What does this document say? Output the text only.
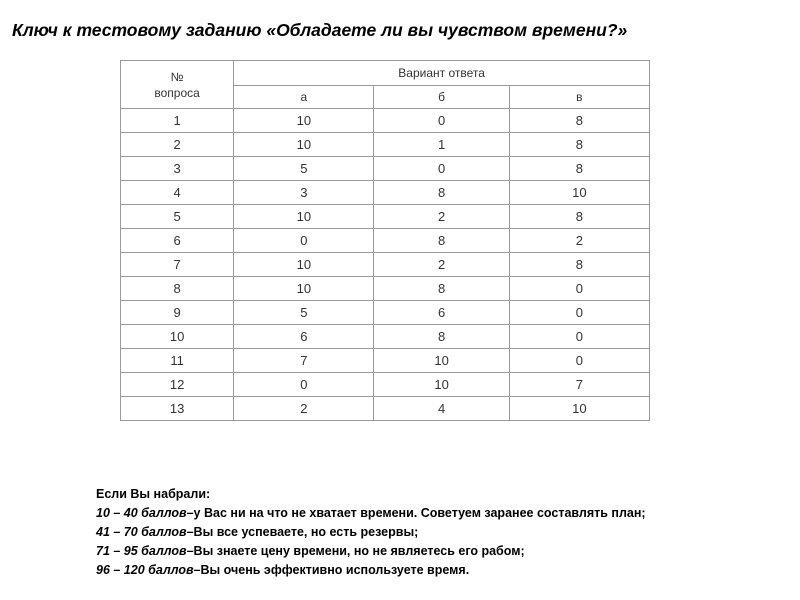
Ключ к тестовому заданию «Обладаете ли вы чувством времени?»
№
вопроса	Вариант ответа		
	а	б	в
1	10	0	8
2	10	1	8
3	5	0	8
4	3	8	10
5	10	2	8
6	0	8	2
7	10	2	8
8	10	8	0
9	5	6	0
10	6	8	0
11	7	10	0
12	0	10	7
13	2	4	10
Если Вы набрали:
10 – 40 баллов–у Вас ни на что не хватает времени. Советуем заранее составлять план;
41 – 70 баллов–Вы все успеваете, но есть резервы;
71 – 95 баллов–Вы знаете цену времени, но не являетесь его рабом;
96 – 120 баллов–Вы очень эффективно используете время.
